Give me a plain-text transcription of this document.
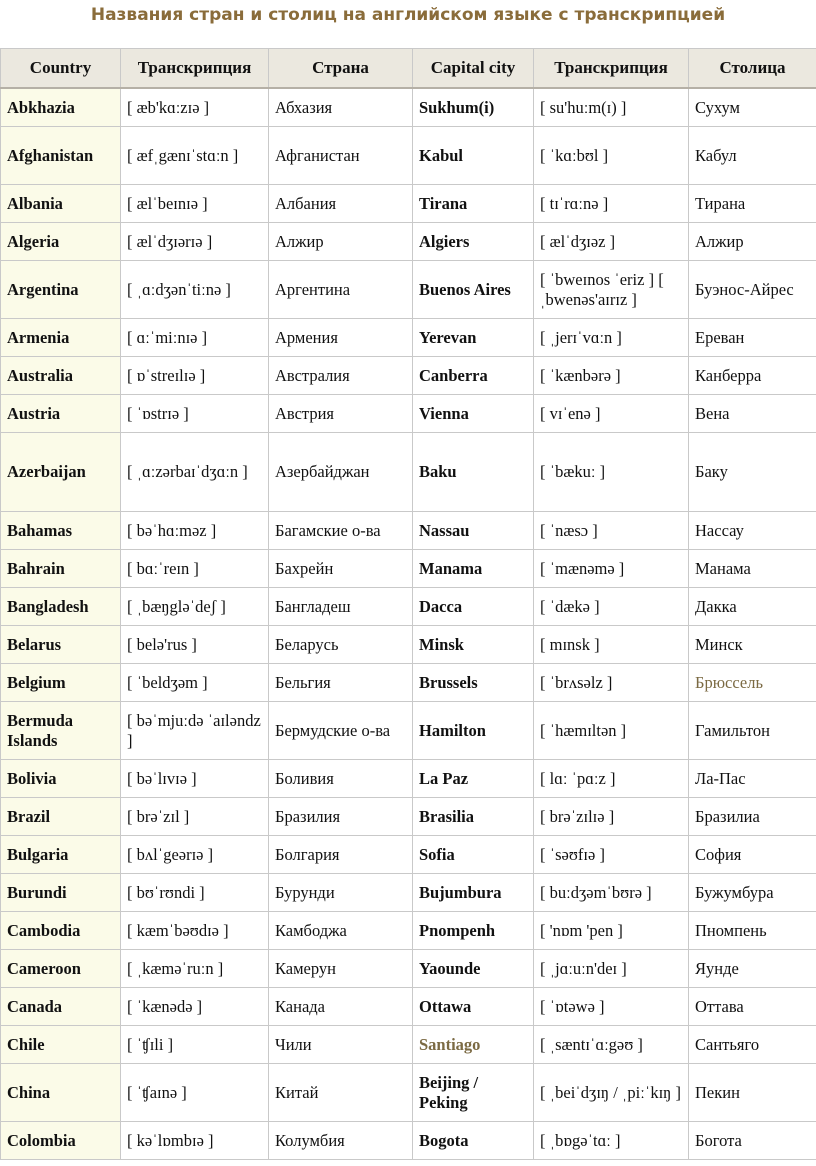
Названия стран и столиц на английском языке с транскрипцией
Country	Транскрипция	Страна	Capital city	Транскрипция	Столица
Abkhazia	[ æb'kɑːzɪə ]	Абхазия	Sukhum(i)	[ su'huːm(ɪ) ]	Сухум
Afghanistan	[ æfˌgænɪˈstɑːn ]	Афганистан	Kabul	[ ˈkɑːbʊl ]	Кабул
Albania	[ ælˈbeɪnɪə ]	Албания	Tirana	[ tɪˈrɑːnə ]	Тирана
Algeria	[ ælˈdʒɪərɪə ]	Алжир	Algiers	[ ælˈdʒɪəz ]	Алжир
Argentina	[ ˌɑːdʒənˈtiːnə ]	Аргентина	Buenos Aires	[ ˈbweɪnos ˈeriz ] [ ˌbwenəs'aɪrɪz ]	Буэнос-Айрес
Armenia	[ ɑːˈmiːnɪə ]	Армения	Yerevan	[ ˌjerɪˈvɑːn ]	Ереван
Australia	[ ɒˈstreɪlɪə ]	Австралия	Canberra	[ ˈkænbərə ]	Канберра
Austria	[ ˈɒstrɪə ]	Австрия	Vienna	[ vɪˈenə ]	Вена
Azerbaijan	[ ˌɑːzərbaɪˈdʒɑːn ]	Азербайджан	Baku	[ ˈbækuː ]	Баку
Bahamas	[ bəˈhɑːməz ]	Багамские о-ва	Nassau	[ ˈnæsɔ ]	Нассау
Bahrain	[ bɑːˈreɪn ]	Бахрейн	Manama	[ ˈmænəmə ]	Манама
Bangladesh	[ ˌbæŋgləˈdeʃ ]	Бангладеш	Dacca	[ ˈdækə ]	Дакка
Belarus	[ belə'rus ]	Беларусь	Minsk	[ mɪnsk ]	Минск
Belgium	[ ˈbeldʒəm ]	Бельгия	Brussels	[ ˈbrʌsəlz ]	Брюссель
Bermuda Islands	[ bəˈmjuːdə ˈaɪləndz ]	Бермудские о-ва	Hamilton	[ ˈhæmɪltən ]	Гамильтон
Bolivia	[ bəˈlɪvɪə ]	Боливия	La Paz	[ lɑː ˈpɑːz ]	Ла-Пас
Brazil	[ brəˈzɪl ]	Бразилия	Brasilia	[ brəˈzɪlɪə ]	Бразилиа
Bulgaria	[ bʌlˈgeərɪə ]	Болгария	Sofia	[ ˈsəʊfɪə ]	София
Burundi	[ bʊˈrʊndi ]	Бурунди	Bujumbura	[ buːdʒəmˈbʊrə ]	Бужумбура
Cambodia	[ kæmˈbəʊdɪə ]	Камбоджа	Pnompenh	[ 'nɒm 'pen ]	Пномпень
Cameroon	[ ˌkæməˈruːn ]	Камерун	Yaounde	[ ˌjɑːuːn'deɪ ]	Яунде
Canada	[ ˈkænədə ]	Канада	Ottawa	[ ˈɒtəwə ]	Оттава
Chile	[ ˈʧɪli ]	Чили	Santiago	[ ˌsæntɪˈɑːgəʊ ]	Сантьяго
China	[ ˈʧaɪnə ]	Китай	Beijing / Peking	[ ˌbeiˈdʒɪŋ / ˌpiːˈkɪŋ ]	Пекин
Colombia	[ kəˈlɒmbɪə ]	Колумбия	Bogota	[ ˌbɒgəˈtɑː ]	Богота
